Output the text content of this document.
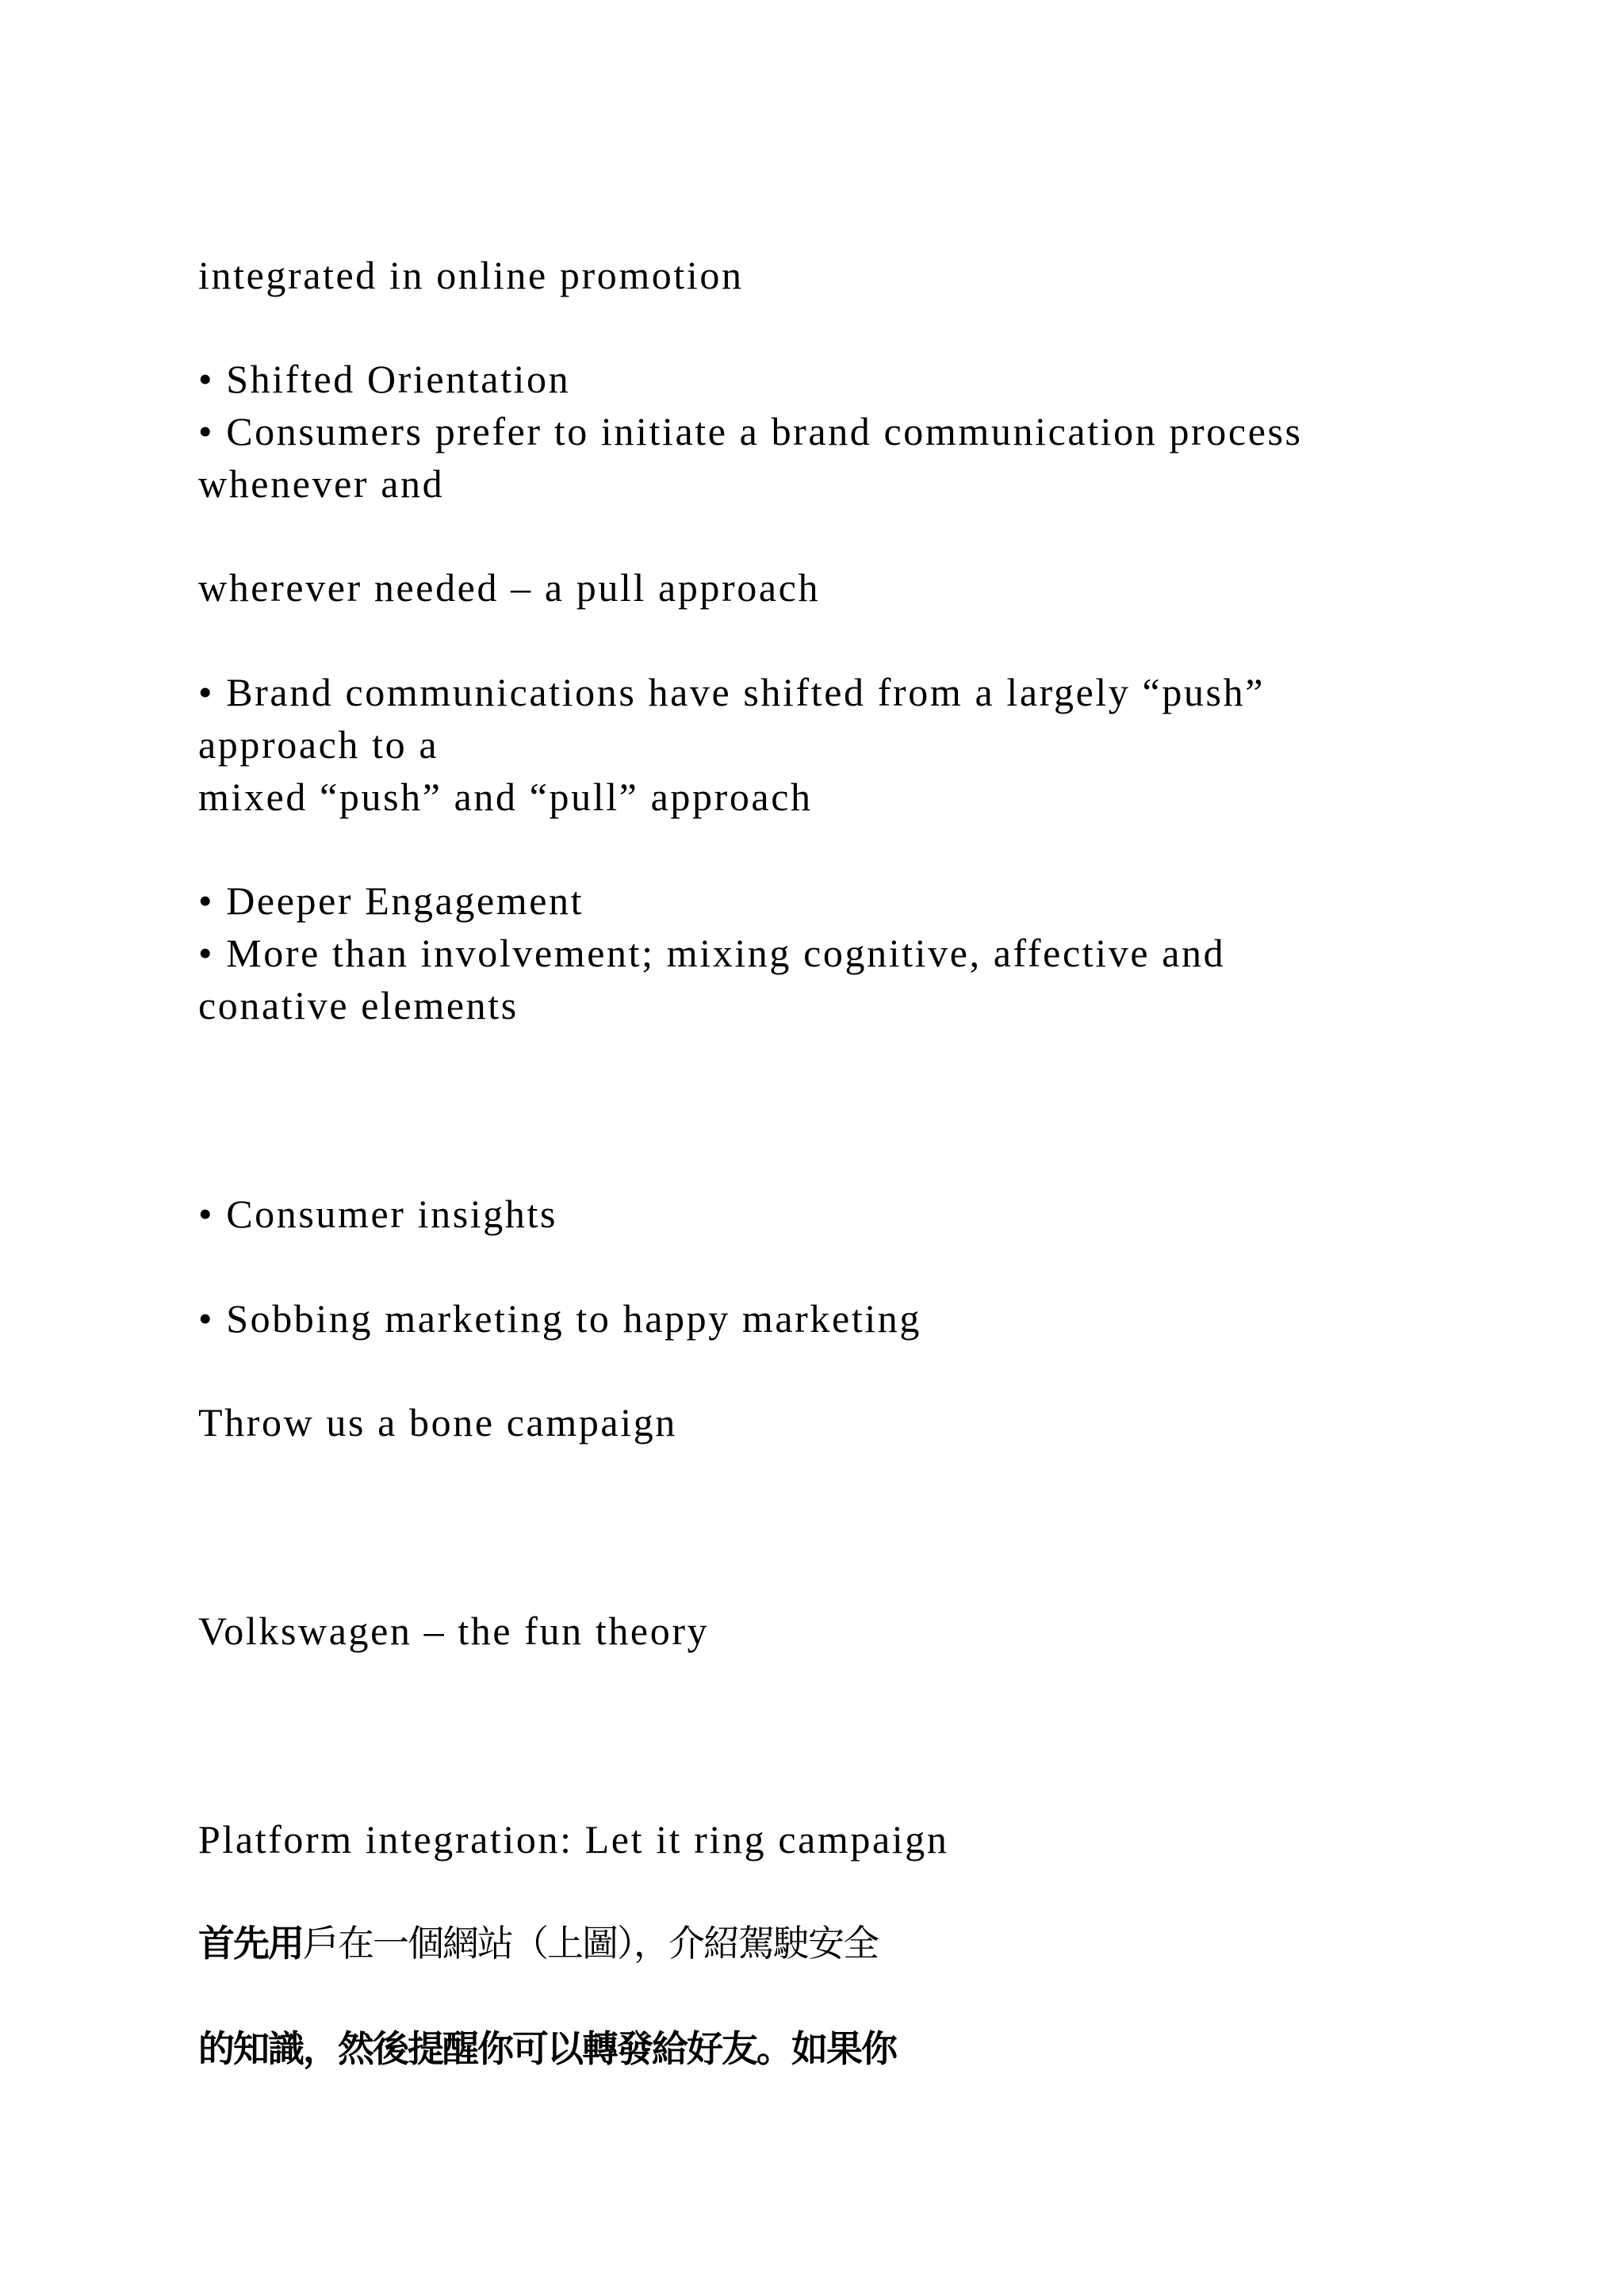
integrated in online promotion
• Shifted Orientation
• Consumers prefer to initiate a brand communication process
whenever and
wherever needed – a pull approach
• Brand communications have shifted from a largely “push”
approach to a
mixed “push” and “pull” approach
• Deeper Engagement
• More than involvement; mixing cognitive, affective and
conative elements
• Consumer insights
• Sobbing marketing to happy marketing
Throw us a bone campaign
Volkswagen – the fun theory
Platform integration: Let it ring campaign
首先用戶在一個網站（上圖），介紹駕駛安全
的知識，然後提醒你可以轉發給好友。如果你
